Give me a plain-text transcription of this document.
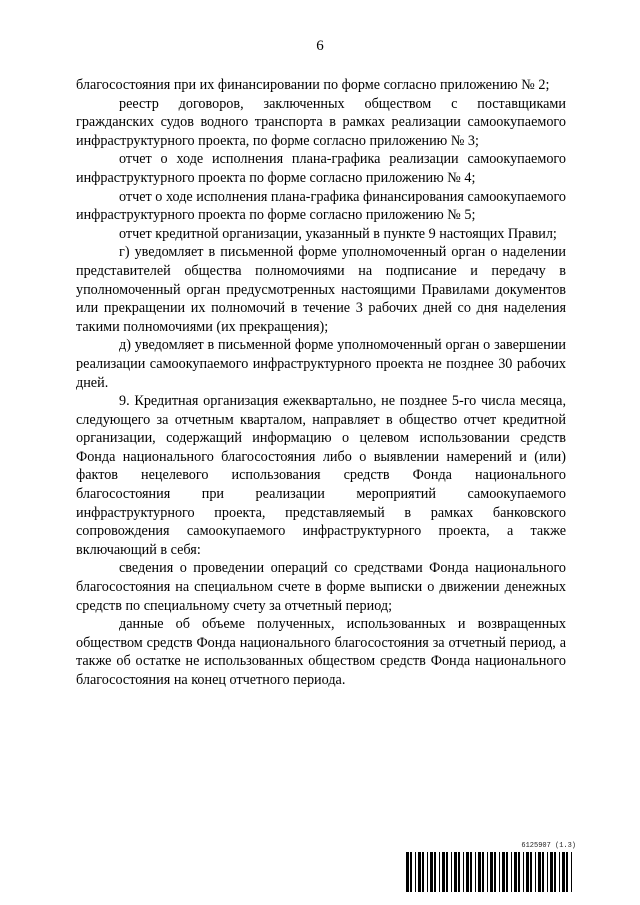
6

благосостояния при их финансировании по форме согласно приложению № 2;

реестр договоров, заключенных обществом с поставщиками гражданских судов водного транспорта в рамках реализации самоокупаемого инфраструктурного проекта, по форме согласно приложению № 3;

отчет о ходе исполнения плана-графика реализации самоокупаемого инфраструктурного проекта по форме согласно приложению № 4;

отчет о ходе исполнения плана-графика финансирования самоокупаемого инфраструктурного проекта по форме согласно приложению № 5;

отчет кредитной организации, указанный в пункте 9 настоящих Правил;

г) уведомляет в письменной форме уполномоченный орган о наделении представителей общества полномочиями на подписание и передачу в уполномоченный орган предусмотренных настоящими Правилами документов или прекращении их полномочий в течение 3 рабочих дней со дня наделения такими полномочиями (их прекращения);

д) уведомляет в письменной форме уполномоченный орган о завершении реализации самоокупаемого инфраструктурного проекта не позднее 30 рабочих дней.

9. Кредитная организация ежеквартально, не позднее 5-го числа месяца, следующего за отчетным кварталом, направляет в общество отчет кредитной организации, содержащий информацию о целевом использовании средств Фонда национального благосостояния либо о выявлении намерений и (или) фактов нецелевого использования средств Фонда национального благосостояния при реализации мероприятий самоокупаемого инфраструктурного проекта, представляемый в рамках банковского сопровождения самоокупаемого инфраструктурного проекта, а также включающий в себя:

сведения о проведении операций со средствами Фонда национального благосостояния на специальном счете в форме выписки о движении денежных средств по специальному счету за отчетный период;

данные об объеме полученных, использованных и возвращенных обществом средств Фонда национального благосостояния за отчетный период, а также об остатке не использованных обществом средств Фонда национального благосостояния на конец отчетного периода.

6125907 (1.3)
